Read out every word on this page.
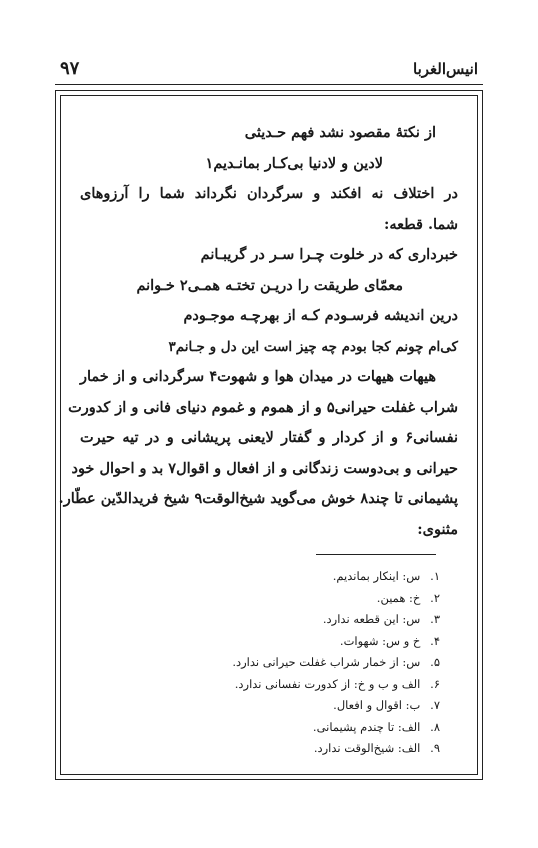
۹۷	انیس‌الغربا
از نکتهٔ مقصود نشد فهم حـدیثی
لادین و لادنیا بی‌کـار بمانـدیم۱
در اختلاف نه افکند و سرگردان نگرداند شما را آرزوهای
شما. قطعه:
خبرداری که در خلوت چـرا سـر در گریبـانم
معمّای طریقت را دریـن تختـه همـی۲ خـوانم
درین اندیشه فرسـودم کـه از بهرچـه موجـودم
کی‌ام چونم کجا بودم چه چیز است این دل و جـانم۳
هیهات هیهات در میدان هوا و شهوت۴ سرگردانی و از خمار
شراب غفلت حیرانی۵ و از هموم و غموم دنیای فانی و از کدورت
نفسانی۶ و از کردار و گفتار لایعنی پریشانی و در تیه حیرت
حیرانی و بی‌دوست زندگانی و از افعال و اقوال۷ بد و احوال خود
پشیمانی تا چند۸ خوش می‌گوید شیخ‌الوقت۹ شیخ فریدالدّین عطّار.
مثنوی:
۱. س: اینکار بماندیم.
۲. خ: همین.
۳. س: این قطعه ندارد.
۴. خ و س: شهوات.
۵. س: از خمار شراب غفلت حیرانی ندارد.
۶. الف و ب و خ: از کدورت نفسانی ندارد.
۷. ب: اقوال و افعال.
۸. الف: تا چندم پشیمانی.
۹. الف: شیخ‌الوقت ندارد.
